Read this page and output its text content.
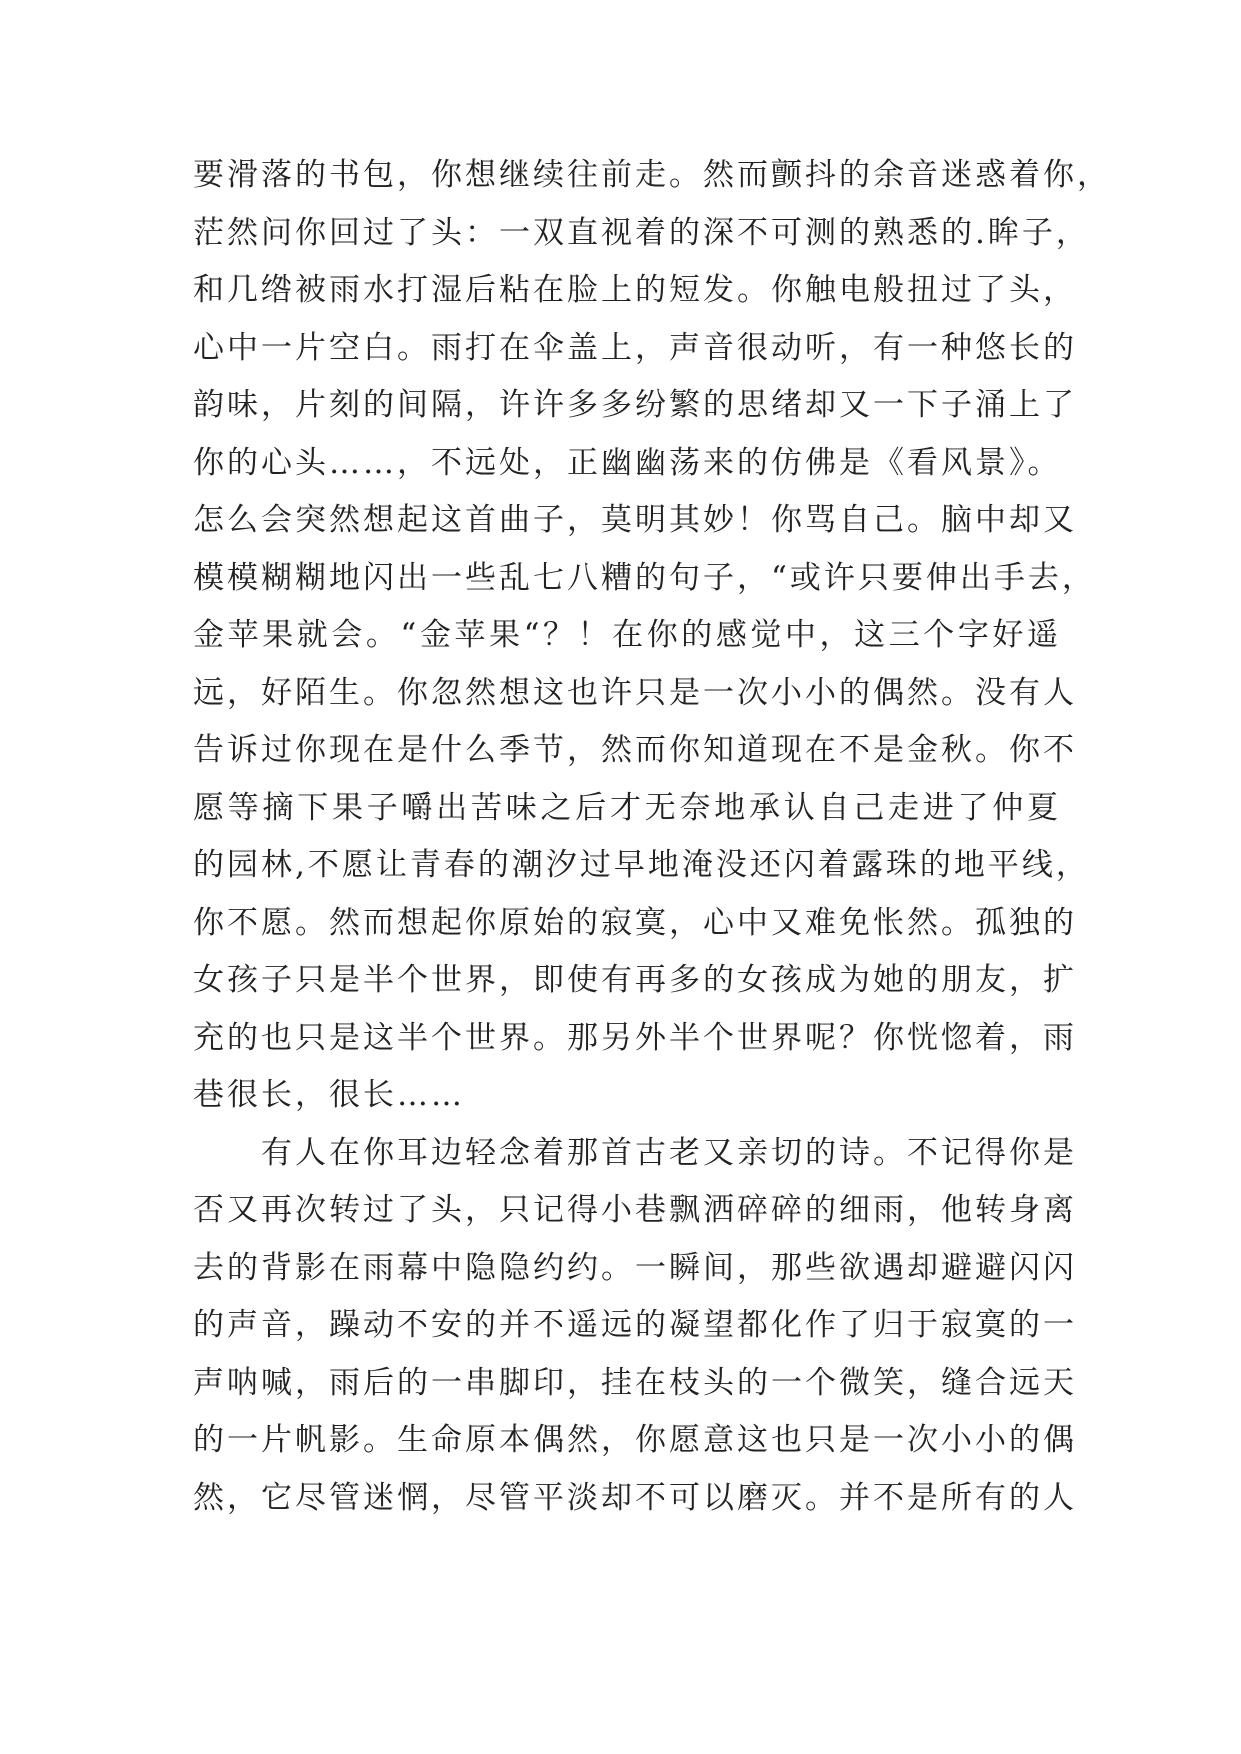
要滑落的书包，你想继续往前走。然而颤抖的余音迷惑着你，
茫然问你回过了头：一双直视着的深不可测的熟悉的.眸子，
和几绺被雨水打湿后粘在脸上的短发。你触电般扭过了头，
心中一片空白。雨打在伞盖上，声音很动听，有一种悠长的
韵味，片刻的间隔，许许多多纷繁的思绪却又一下子涌上了
你的心头……，不远处，正幽幽荡来的仿佛是《看风景》。
怎么会突然想起这首曲子，莫明其妙！你骂自己。脑中却又
模模糊糊地闪出一些乱七八糟的句子，“或许只要伸出手去，
金苹果就会。“金苹果“？！在你的感觉中，这三个字好遥
远，好陌生。你忽然想这也许只是一次小小的偶然。没有人
告诉过你现在是什么季节，然而你知道现在不是金秋。你不
愿等摘下果子嚼出苦味之后才无奈地承认自己走进了仲夏
的园林,不愿让青春的潮汐过早地淹没还闪着露珠的地平线，
你不愿。然而想起你原始的寂寞，心中又难免怅然。孤独的
女孩子只是半个世界，即使有再多的女孩成为她的朋友，扩
充的也只是这半个世界。那另外半个世界呢？你恍惚着，雨
巷很长，很长……
有人在你耳边轻念着那首古老又亲切的诗。不记得你是
否又再次转过了头，只记得小巷飘洒碎碎的细雨，他转身离
去的背影在雨幕中隐隐约约。一瞬间，那些欲遇却避避闪闪
的声音，躁动不安的并不遥远的凝望都化作了归于寂寞的一
声呐喊，雨后的一串脚印，挂在枝头的一个微笑，缝合远天
的一片帆影。生命原本偶然，你愿意这也只是一次小小的偶
然，它尽管迷惘，尽管平淡却不可以磨灭。并不是所有的人
